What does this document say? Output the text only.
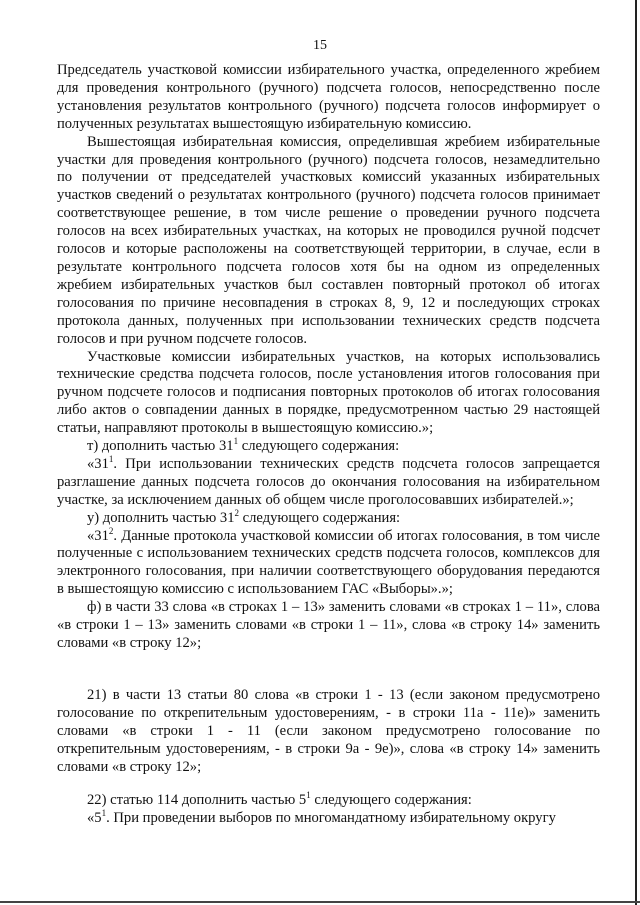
15

Председатель участковой комиссии избирательного участка, определенного жребием для проведения контрольного (ручного) подсчета голосов, непосредственно после установления результатов контрольного (ручного) подсчета голосов информирует о полученных результатах вышестоящую избирательную комиссию.

Вышестоящая избирательная комиссия, определившая жребием избирательные участки для проведения контрольного (ручного) подсчета голосов, незамедлительно по получении от председателей участковых комиссий указанных избирательных участков сведений о результатах контрольного (ручного) подсчета голосов принимает соответствующее решение, в том числе решение о проведении ручного подсчета голосов на всех избирательных участках, на которых не проводился ручной подсчет голосов и которые расположены на соответствующей территории, в случае, если в результате контрольного подсчета голосов хотя бы на одном из определенных жребием избирательных участков был составлен повторный протокол об итогах голосования по причине несовпадения в строках 8, 9, 12 и последующих строках протокола данных, полученных при использовании технических средств подсчета голосов и при ручном подсчете голосов.

Участковые комиссии избирательных участков, на которых использовались технические средства подсчета голосов, после установления итогов голосования при ручном подсчете голосов и подписания повторных протоколов об итогах голосования либо актов о совпадении данных в порядке, предусмотренном частью 29 настоящей статьи, направляют протоколы в вышестоящую комиссию.»;

т) дополнить частью $31^1$ следующего содержания:

«$31^1$. При использовании технических средств подсчета голосов запрещается разглашение данных подсчета голосов до окончания голосования на избирательном участке, за исключением данных об общем числе проголосовавших избирателей.»;

у) дополнить частью $31^2$ следующего содержания:

«$31^2$. Данные протокола участковой комиссии об итогах голосования, в том числе полученные с использованием технических средств подсчета голосов, комплексов для электронного голосования, при наличии соответствующего оборудования передаются в вышестоящую комиссию с использованием ГАС «Выборы».»;

ф) в части 33 слова «в строках 1 – 13» заменить словами «в строках 1 – 11», слова «в строки 1 – 13» заменить словами «в строки 1 – 11», слова «в строку 14» заменить словами «в строку 12»;

21) в части 13 статьи 80 слова «в строки 1 - 13 (если законом предусмотрено голосование по открепительным удостоверениям, - в строки 11а - 11е)» заменить словами «в строки 1 - 11 (если законом предусмотрено голосование по открепительным удостоверениям, - в строки 9а - 9е)», слова «в строку 14» заменить словами «в строку 12»;

22) статью 114 дополнить частью $5^1$ следующего содержания:

«$5^1$. При проведении выборов по многомандатному избирательному округу
